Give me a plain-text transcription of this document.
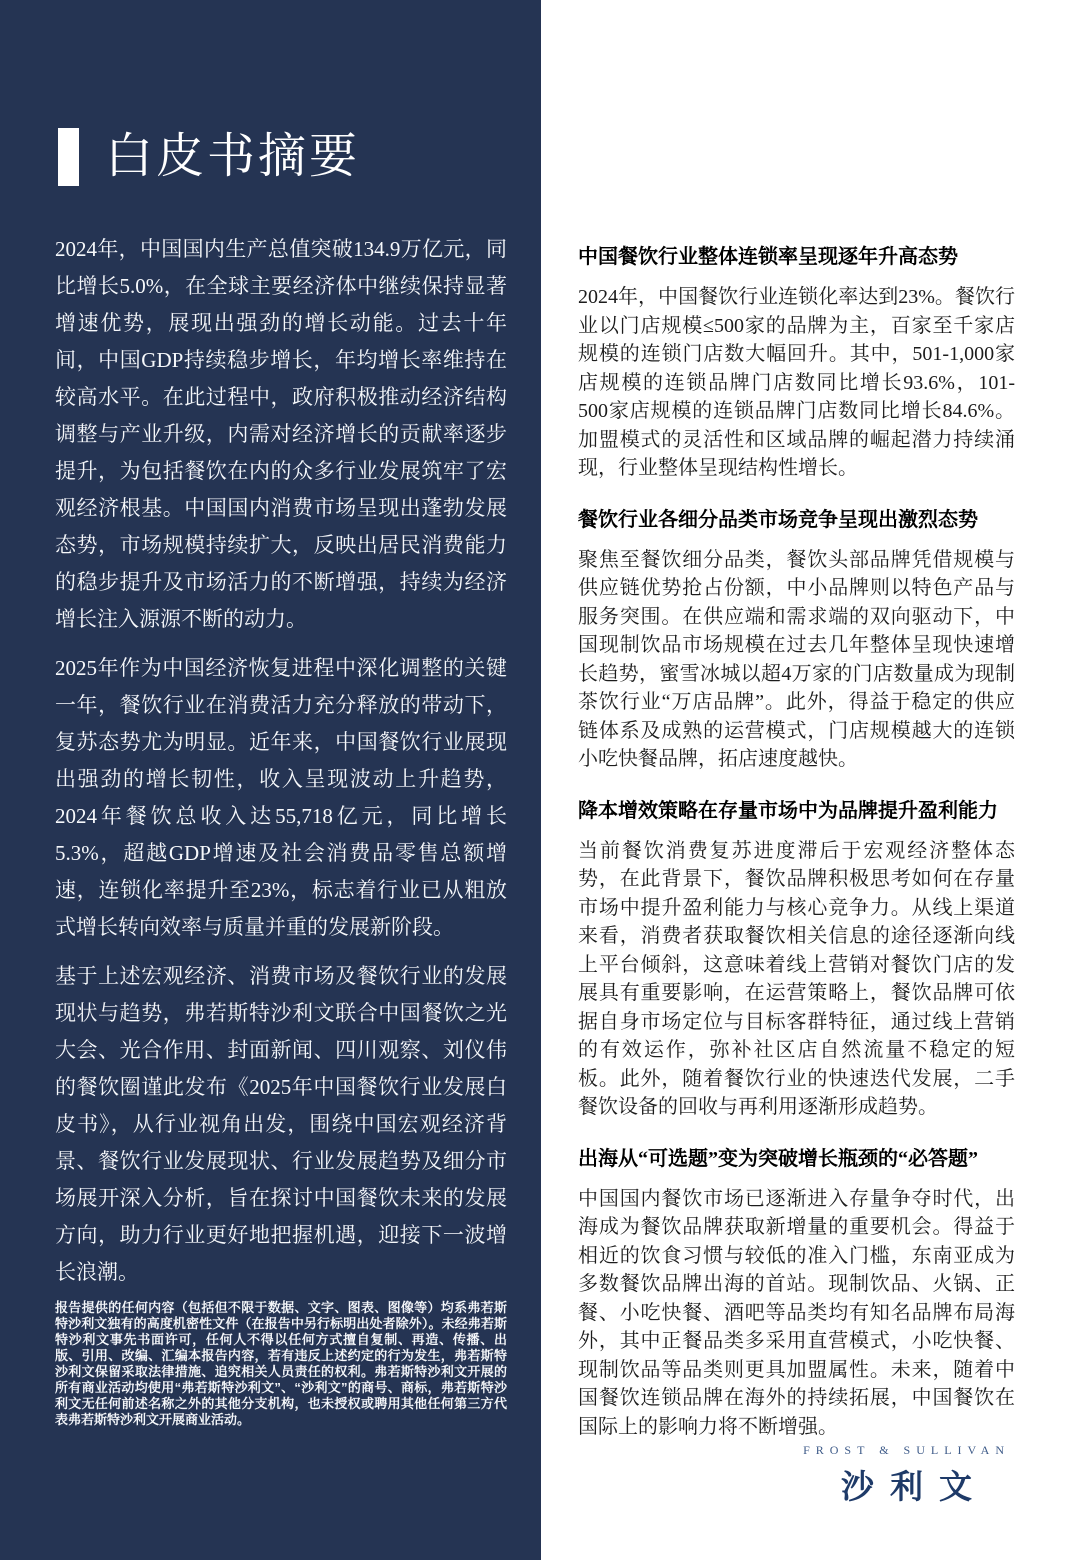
白皮书摘要

2024年，中国国内生产总值突破134.9万亿元，同比增长5.0%，在全球主要经济体中继续保持显著增速优势，展现出强劲的增长动能。过去十年间，中国GDP持续稳步增长，年均增长率维持在较高水平。在此过程中，政府积极推动经济结构调整与产业升级，内需对经济增长的贡献率逐步提升，为包括餐饮在内的众多行业发展筑牢了宏观经济根基。中国国内消费市场呈现出蓬勃发展态势，市场规模持续扩大，反映出居民消费能力的稳步提升及市场活力的不断增强，持续为经济增长注入源源不断的动力。

2025年作为中国经济恢复进程中深化调整的关键一年，餐饮行业在消费活力充分释放的带动下，复苏态势尤为明显。近年来，中国餐饮行业展现出强劲的增长韧性，收入呈现波动上升趋势，2024年餐饮总收入达55,718亿元，同比增长5.3%，超越GDP增速及社会消费品零售总额增速，连锁化率提升至23%，标志着行业已从粗放式增长转向效率与质量并重的发展新阶段。

基于上述宏观经济、消费市场及餐饮行业的发展现状与趋势，弗若斯特沙利文联合中国餐饮之光大会、光合作用、封面新闻、四川观察、刘仪伟的餐饮圈谨此发布《2025年中国餐饮行业发展白皮书》，从行业视角出发，围绕中国宏观经济背景、餐饮行业发展现状、行业发展趋势及细分市场展开深入分析，旨在探讨中国餐饮未来的发展方向，助力行业更好地把握机遇，迎接下一波增长浪潮。

报告提供的任何内容（包括但不限于数据、文字、图表、图像等）均系弗若斯特沙利文独有的高度机密性文件（在报告中另行标明出处者除外）。未经弗若斯特沙利文事先书面许可，任何人不得以任何方式擅自复制、再造、传播、出版、引用、改编、汇编本报告内容，若有违反上述约定的行为发生，弗若斯特沙利文保留采取法律措施、追究相关人员责任的权利。弗若斯特沙利文开展的所有商业活动均使用“弗若斯特沙利文”、“沙利文”的商号、商标，弗若斯特沙利文无任何前述名称之外的其他分支机构，也未授权或聘用其他任何第三方代表弗若斯特沙利文开展商业活动。

中国餐饮行业整体连锁率呈现逐年升高态势

2024年，中国餐饮行业连锁化率达到23%。餐饮行业以门店规模≤500家的品牌为主，百家至千家店规模的连锁门店数大幅回升。其中，501-1,000家店规模的连锁品牌门店数同比增长93.6%，101-500家店规模的连锁品牌门店数同比增长84.6%。加盟模式的灵活性和区域品牌的崛起潜力持续涌现，行业整体呈现结构性增长。

餐饮行业各细分品类市场竞争呈现出激烈态势

聚焦至餐饮细分品类，餐饮头部品牌凭借规模与供应链优势抢占份额，中小品牌则以特色产品与服务突围。在供应端和需求端的双向驱动下，中国现制饮品市场规模在过去几年整体呈现快速增长趋势，蜜雪冰城以超4万家的门店数量成为现制茶饮行业“万店品牌”。此外，得益于稳定的供应链体系及成熟的运营模式，门店规模越大的连锁小吃快餐品牌，拓店速度越快。

降本增效策略在存量市场中为品牌提升盈利能力

当前餐饮消费复苏进度滞后于宏观经济整体态势，在此背景下，餐饮品牌积极思考如何在存量市场中提升盈利能力与核心竞争力。从线上渠道来看，消费者获取餐饮相关信息的途径逐渐向线上平台倾斜，这意味着线上营销对餐饮门店的发展具有重要影响，在运营策略上，餐饮品牌可依据自身市场定位与目标客群特征，通过线上营销的有效运作，弥补社区店自然流量不稳定的短板。此外，随着餐饮行业的快速迭代发展，二手餐饮设备的回收与再利用逐渐形成趋势。

出海从“可选题”变为突破增长瓶颈的“必答题”

中国国内餐饮市场已逐渐进入存量争夺时代，出海成为餐饮品牌获取新增量的重要机会。得益于相近的饮食习惯与较低的准入门槛，东南亚成为多数餐饮品牌出海的首站。现制饮品、火锅、正餐、小吃快餐、酒吧等品类均有知名品牌布局海外，其中正餐品类多采用直营模式，小吃快餐、现制饮品等品类则更具加盟属性。未来，随着中国餐饮连锁品牌在海外的持续拓展，中国餐饮在国际上的影响力将不断增强。

FROST & SULLIVAN
沙利文
